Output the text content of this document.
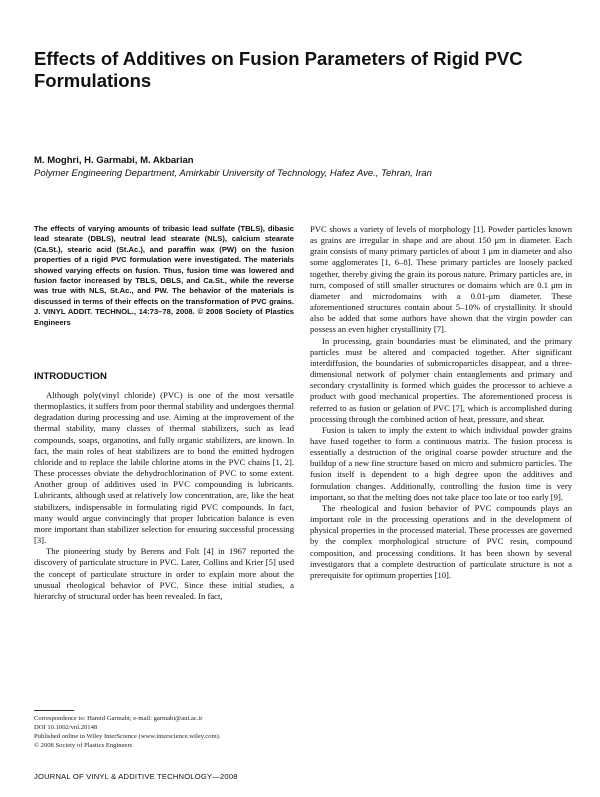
Effects of Additives on Fusion Parameters of Rigid PVC Formulations
M. Moghri, H. Garmabi, M. Akbarian
Polymer Engineering Department, Amirkabir University of Technology, Hafez Ave., Tehran, Iran

The effects of varying amounts of tribasic lead sulfate (TBLS), dibasic lead stearate (DBLS), neutral lead stearate (NLS), calcium stearate (Ca.St.), stearic acid (St.Ac.), and paraffin wax (PW) on the fusion properties of a rigid PVC formulation were investigated. The materials showed varying effects on fusion. Thus, fusion time was lowered and fusion factor increased by TBLS, DBLS, and Ca.St., while the reverse was true with NLS, St.Ac., and PW. The behavior of the materials is discussed in terms of their effects on the transformation of PVC grains. J. VINYL ADDIT. TECHNOL., 14:73–78, 2008. © 2008 Society of Plastics Engineers

INTRODUCTION

Although poly(vinyl chloride) (PVC) is one of the most versatile thermoplastics, it suffers from poor thermal stability and undergoes thermal degradation during processing and use. Aiming at the improvement of the thermal stability, many classes of thermal stabilizers, such as lead compounds, soaps, organotins, and fully organic stabilizers, are known. In fact, the main roles of heat stabilizers are to bond the emitted hydrogen chloride and to replace the labile chlorine atoms in the PVC chains [1, 2]. These processes obviate the dehydrochlorination of PVC to some extent. Another group of additives used in PVC compounding is lubricants. Lubricants, although used at relatively low concentration, are, like the heat stabilizers, indispensable in formulating rigid PVC compounds. In fact, many would argue convincingly that proper lubrication balance is even more important than stabilizer selection for ensuring successful processing [3].

The pioneering study by Berens and Folt [4] in 1967 reported the discovery of particulate structure in PVC. Later, Collins and Krier [5] used the concept of particulate structure in order to explain more about the unusual rheological behavior of PVC. Since these initial studies, a hierarchy of structural order has been revealed. In fact,

PVC shows a variety of levels of morphology [1]. Powder particles known as grains are irregular in shape and are about 150 μm in diameter. Each grain consists of many primary particles of about 1 μm in diameter and also some agglomerates [1, 6–8]. These primary particles are loosely packed together, thereby giving the grain its porous nature. Primary particles are, in turn, composed of still smaller structures or domains which are 0.1 μm in diameter and microdomains with a 0.01-μm diameter. These aforementioned structures contain about 5–10% of crystallinity. It should also be added that some authors have shown that the virgin powder can possess an even higher crystallinity [7].

In processing, grain boundaries must be eliminated, and the primary particles must be altered and compacted together. After significant interdiffusion, the boundaries of submicroparticles disappear, and a three-dimensional network of polymer chain entanglements and primary and secondary crystallinity is formed which guides the processor to achieve a product with good mechanical properties. The aforementioned process is referred to as fusion or gelation of PVC [7], which is accomplished during processing through the combined action of heat, pressure, and shear.

Fusion is taken to imply the extent to which individual powder grains have fused together to form a continuous matrix. The fusion process is essentially a destruction of the original coarse powder structure and the buildup of a new fine structure based on micro and submicro particles. The fusion itself is dependent to a high degree upon the additives and formulation changes. Additionally, controlling the fusion time is very important, so that the melting does not take place too late or too early [9].

The rheological and fusion behavior of PVC compounds plays an important role in the processing operations and in the development of physical properties in the processed material. These processes are governed by the complex morphological structure of PVC resin, compound composition, and processing conditions. It has been shown by several investigators that a complete destruction of particulate structure is not a prerequisite for optimum properties [10].

Correspondence to: Hamid Garmabi; e-mail: garmabi@aut.ac.ir
DOI 10.1002/vnl.20148
Published online in Wiley InterScience (www.interscience.wiley.com).
© 2008 Society of Plastics Engineers
JOURNAL OF VINYL & ADDITIVE TECHNOLOGY—2008
